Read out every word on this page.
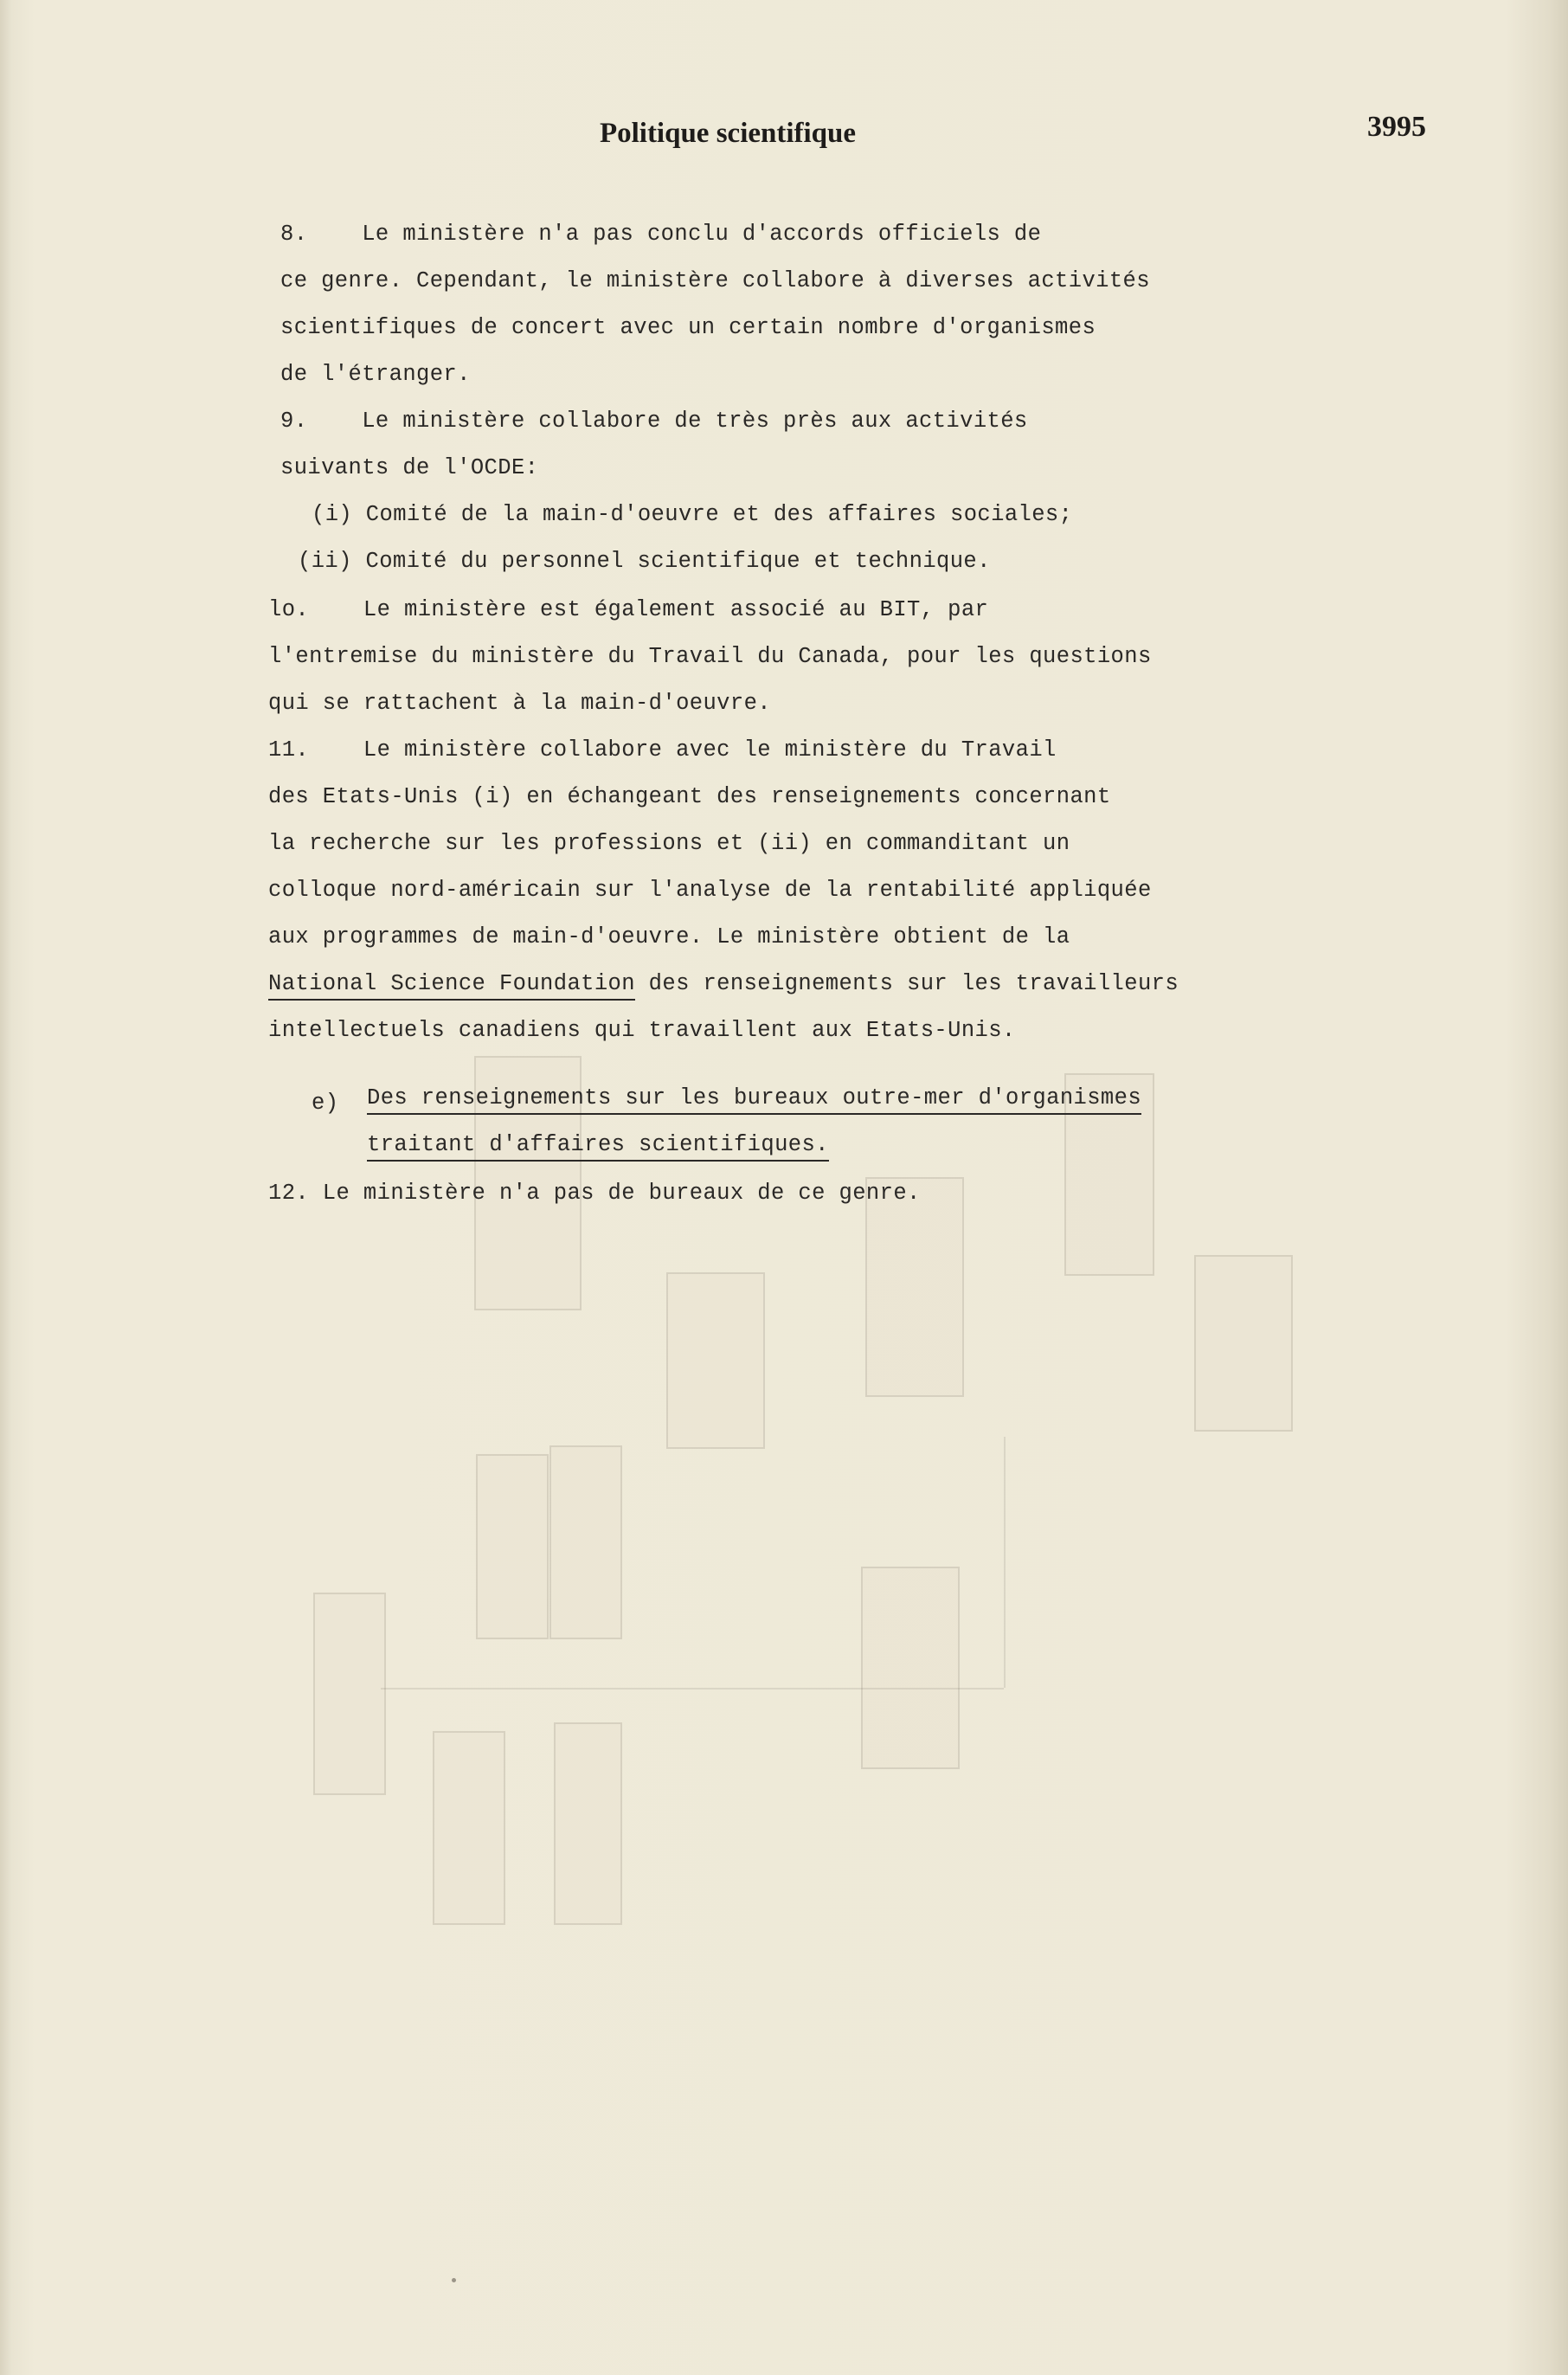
Politique scientifique	3995
8.    Le ministère n'a pas conclu d'accords officiels de
ce genre. Cependant, le ministère collabore à diverses activités
scientifiques de concert avec un certain nombre d'organismes
de l'étranger.
9.    Le ministère collabore de très près aux activités
suivants de l'OCDE:
(i) Comité de la main-d'oeuvre et des affaires sociales;
(ii) Comité du personnel scientifique et technique.
lo.    Le ministère est également associé au BIT, par
l'entremise du ministère du Travail du Canada, pour les questions
qui se rattachent à la main-d'oeuvre.
11.    Le ministère collabore avec le ministère du Travail
des Etats-Unis (i) en échangeant des renseignements concernant
la recherche sur les professions et (ii) en commanditant un
colloque nord-américain sur l'analyse de la rentabilité appliquée
aux programmes de main-d'oeuvre. Le ministère obtient de la
National Science Foundation des renseignements sur les travailleurs
intellectuels canadiens qui travaillent aux Etats-Unis.
e) Des renseignements sur les bureaux outre-mer d'organismes
traitant d'affaires scientifiques.
12. Le ministère n'a pas de bureaux de ce genre.
